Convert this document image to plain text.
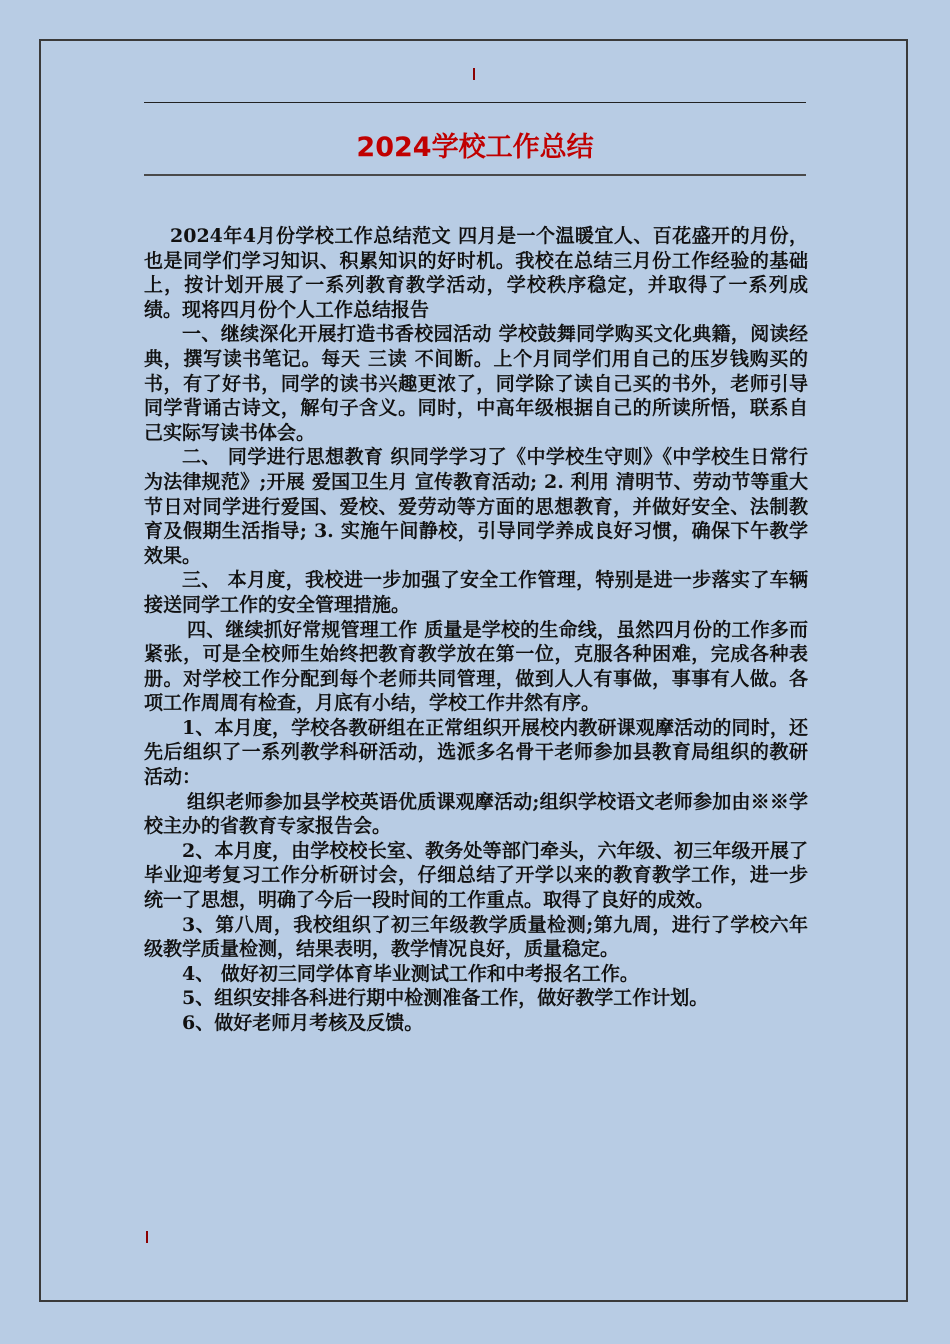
2024学校工作总结

2024年4月份学校工作总结范文 四月是一个温暖宜人、百花盛开的月份，也是同学们学习知识、积累知识的好时机。我校在总结三月份工作经验的基础上，按计划开展了一系列教育教学活动，学校秩序稳定，并取得了一系列成绩。现将四月份个人工作总结报告

一、继续深化开展打造书香校园活动 学校鼓舞同学购买文化典籍，阅读经典，撰写读书笔记。每天 三读 不间断。上个月同学们用自己的压岁钱购买的书，有了好书，同学的读书兴趣更浓了，同学除了读自己买的书外，老师引导同学背诵古诗文，解句子含义。同时，中高年级根据自己的所读所悟，联系自己实际写读书体会。

二、 同学进行思想教育 织同学学习了《中学校生守则》《中学校生日常行为法律规范》;开展 爱国卫生月 宣传教育活动; 2. 利用 清明节、劳动节等重大节日对同学进行爱国、爱校、爱劳动等方面的思想教育，并做好安全、法制教育及假期生活指导; 3. 实施午间静校，引导同学养成良好习惯，确保下午教学效果。

三、 本月度，我校进一步加强了安全工作管理，特别是进一步落实了车辆接送同学工作的安全管理措施。

四、继续抓好常规管理工作 质量是学校的生命线，虽然四月份的工作多而紧张，可是全校师生始终把教育教学放在第一位，克服各种困难，完成各种表册。对学校工作分配到每个老师共同管理，做到人人有事做，事事有人做。各项工作周周有检查，月底有小结，学校工作井然有序。

1、本月度，学校各教研组在正常组织开展校内教研课观摩活动的同时，还先后组织了一系列教学科研活动，选派多名骨干老师参加县教育局组织的教研活动：

组织老师参加县学校英语优质课观摩活动;组织学校语文老师参加由※※学校主办的省教育专家报告会。

2、本月度，由学校校长室、教务处等部门牵头，六年级、初三年级开展了毕业迎考复习工作分析研讨会，仔细总结了开学以来的教育教学工作，进一步统一了思想，明确了今后一段时间的工作重点。取得了良好的成效。

3、第八周，我校组织了初三年级教学质量检测;第九周，进行了学校六年级教学质量检测，结果表明，教学情况良好，质量稳定。

4、 做好初三同学体育毕业测试工作和中考报名工作。

5、组织安排各科进行期中检测准备工作，做好教学工作计划。

6、做好老师月考核及反馈。
